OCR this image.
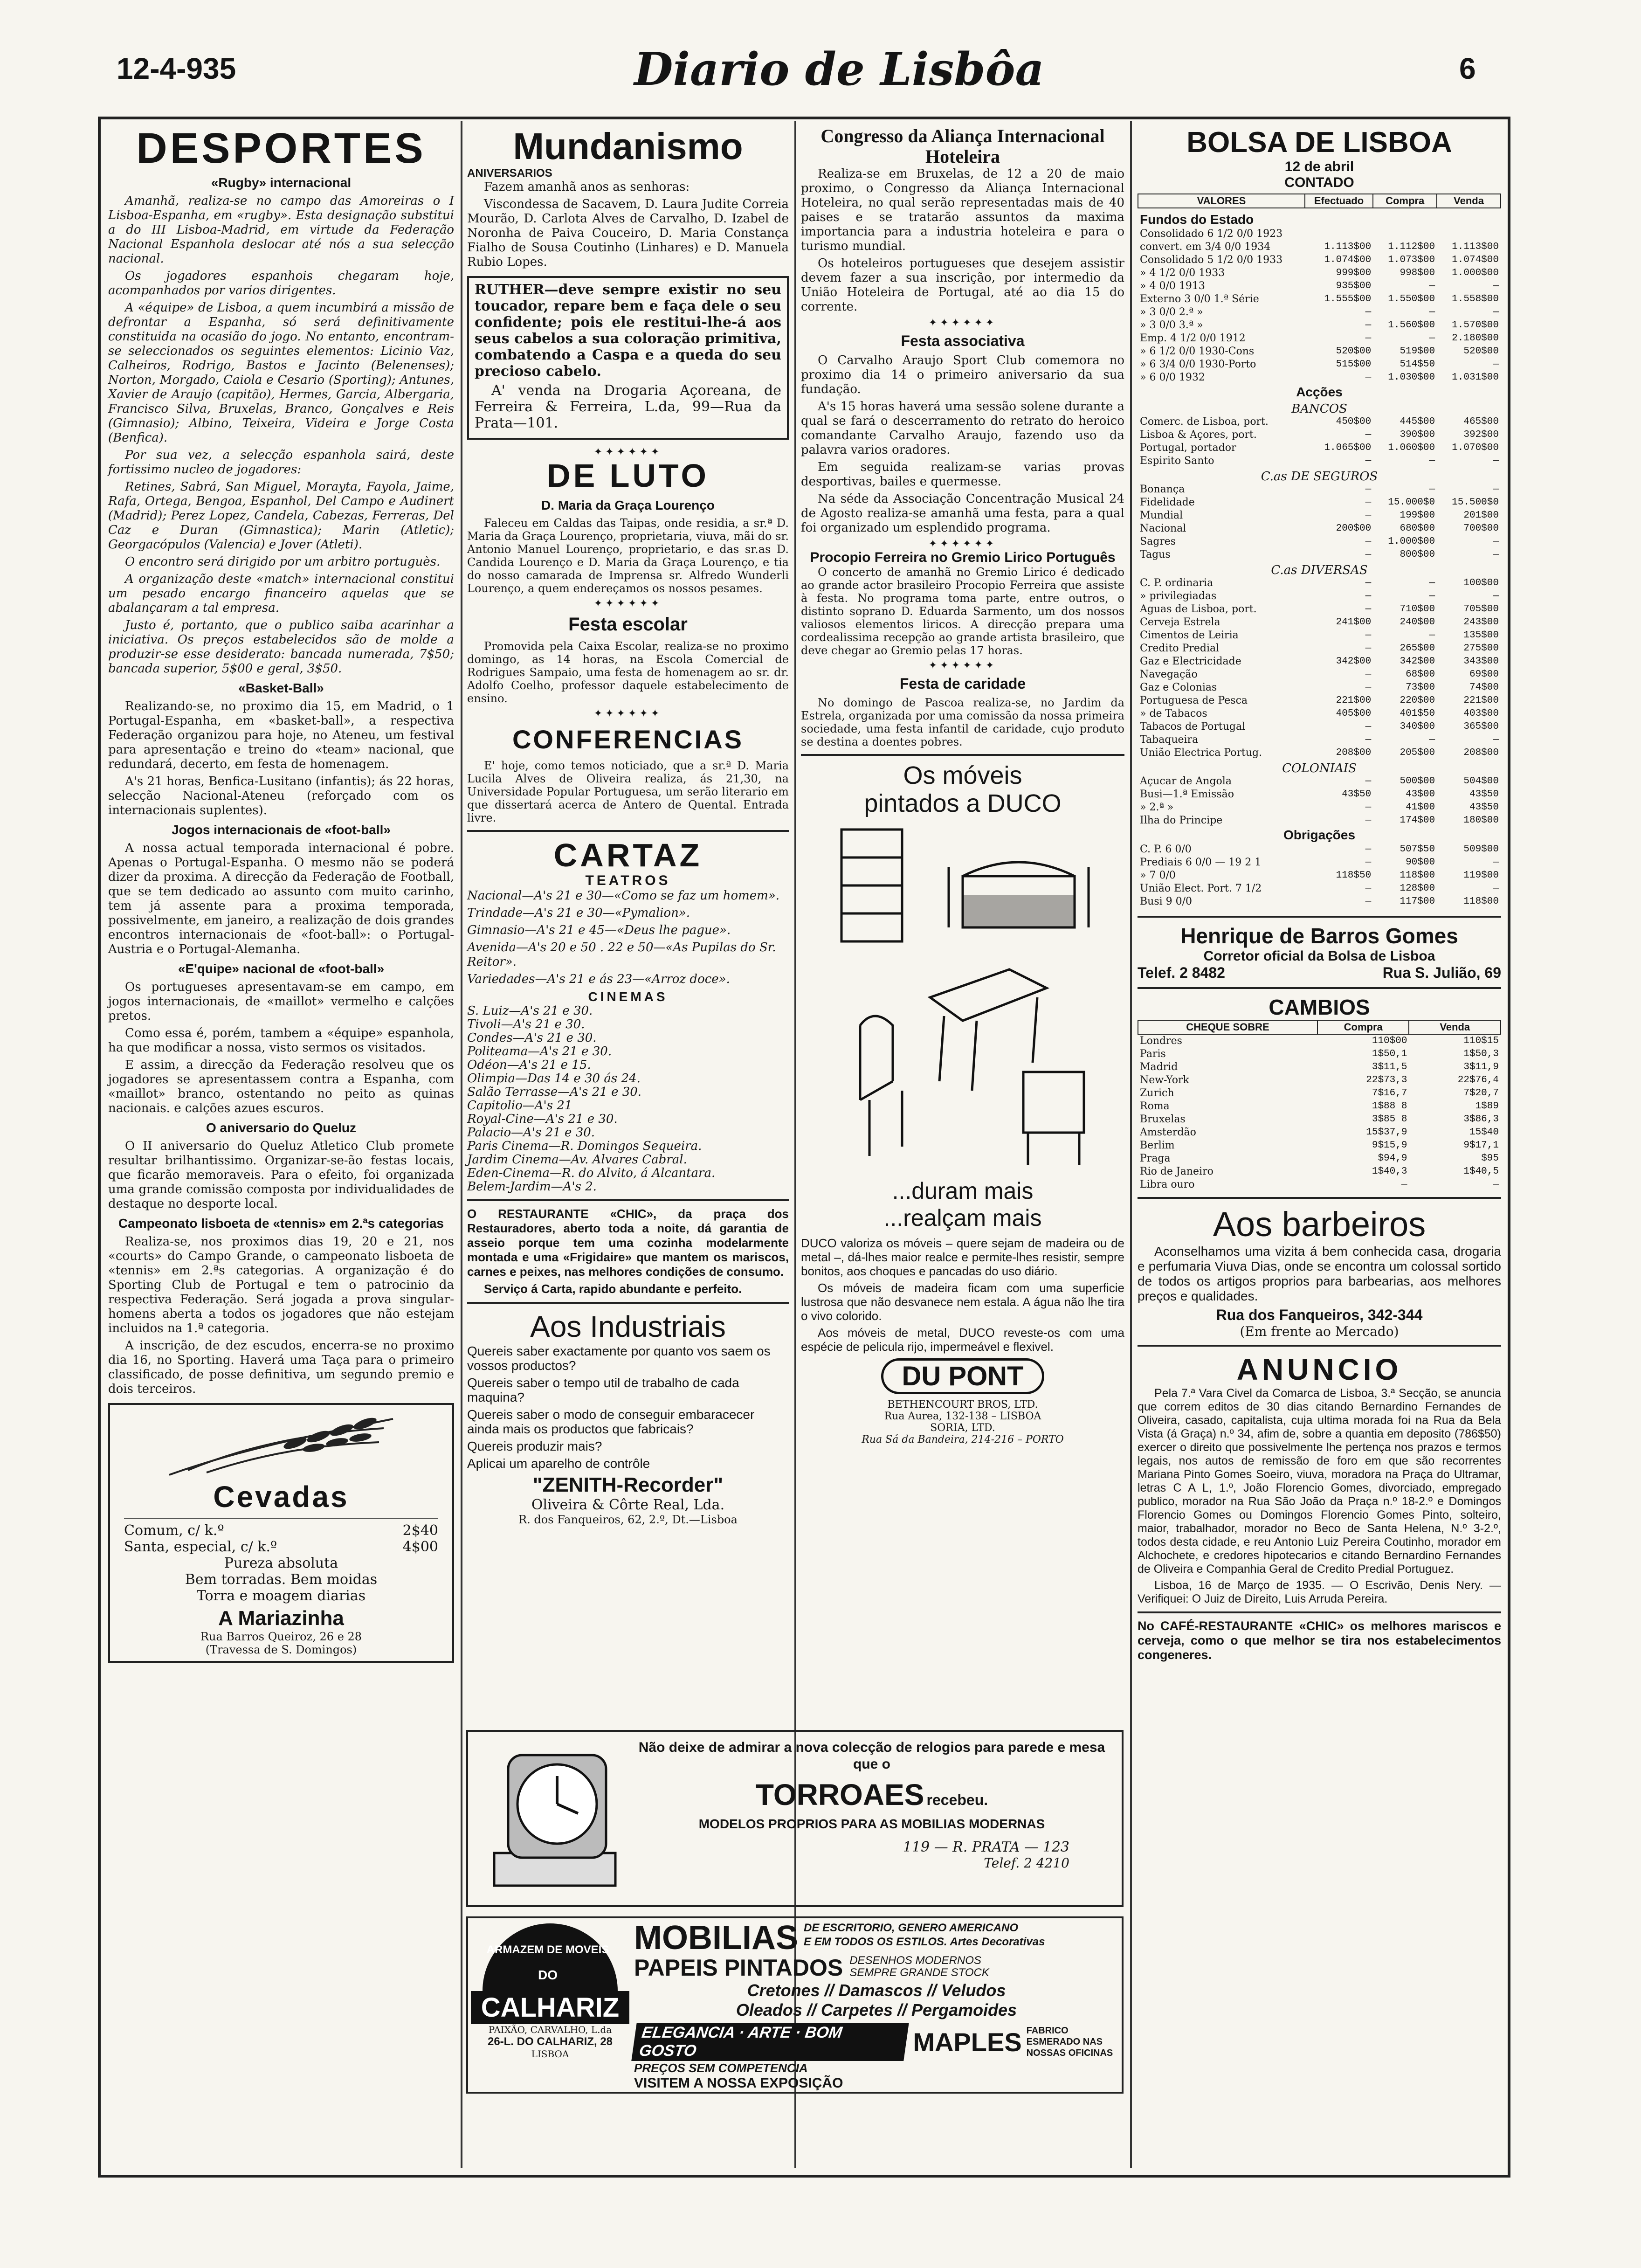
12-4-935	Diario de Lisbôa	6
DESPORTES
«Rugby» internacional

Amanhã, realiza-se no campo das Amoreiras o I Lisboa-Espanha, em «rugby». Esta designação substitui a do III Lisboa-Madrid, em virtude da Federação Nacional Espanhola deslocar até nós a sua selecção nacional.

Os jogadores espanhois chegaram hoje, acompanhados por varios dirigentes.

A «équipe» de Lisboa, a quem incumbirá a missão de defrontar a Espanha, só será definitivamente constituida na ocasião do jogo. No entanto, encontram-se seleccionados os seguintes elementos: Licinio Vaz, Calheiros, Rodrigo, Bastos e Jacinto (Belenenses); Norton, Morgado, Caiola e Cesario (Sporting); Antunes, Xavier de Araujo (capitão), Hermes, Garcia, Albergaria, Francisco Silva, Bruxelas, Branco, Gonçalves e Reis (Gimnasio); Albino, Teixeira, Videira e Jorge Costa (Benfica).

Por sua vez, a selecção espanhola sairá, deste fortissimo nucleo de jogadores:

Retines, Sabrá, San Miguel, Morayta, Fayola, Jaime, Rafa, Ortega, Bengoa, Espanhol, Del Campo e Audinert (Madrid); Perez Lopez, Candela, Cabezas, Ferreras, Del Caz e Duran (Gimnastica); Marin (Atletic); Georgacópulos (Valencia) e Jover (Atleti).

O encontro será dirigido por um arbitro portuguès.

A organização deste «match» internacional constitui um pesado encargo financeiro aquelas que se abalançaram a tal empresa.

Justo é, portanto, que o publico saiba acarinhar a iniciativa. Os preços estabelecidos são de molde a produzir-se esse desiderato: bancada numerada, 7$50; bancada superior, 5$00 e geral, 3$50.

«Basket-Ball»

Realizando-se, no proximo dia 15, em Madrid, o 1 Portugal-Espanha, em «basket-ball», a respectiva Federação organizou para hoje, no Ateneu, um festival para apresentação e treino do «team» nacional, que redundará, decerto, em festa de homenagem.

A's 21 horas, Benfica-Lusitano (infantis); ás 22 horas, selecção Nacional-Ateneu (reforçado com os internacionais suplentes).

Jogos internacionais de «foot-ball»

A nossa actual temporada internacional é pobre. Apenas o Portugal-Espanha. O mesmo não se poderá dizer da proxima. A direcção da Federação de Football, que se tem dedicado ao assunto com muito carinho, tem já assente para a proxima temporada, possivelmente, em janeiro, a realização de dois grandes encontros internacionais de «foot-ball»: o Portugal-Austria e o Portugal-Alemanha.

«E'quipe» nacional de «foot-ball»

Os portugueses apresentavam-se em campo, em jogos internacionais, de «maillot» vermelho e calções pretos.

Como essa é, porém, tambem a «équipe» espanhola, ha que modificar a nossa, visto sermos os visitados.

E assim, a direcção da Federação resolveu que os jogadores se apresentassem contra a Espanha, com «maillot» branco, ostentando no peito as quinas nacionais. e calções azues escuros.

O aniversario do Queluz

O II aniversario do Queluz Atletico Club promete resultar brilhantissimo. Organizar-se-ão festas locais, que ficarão memoraveis. Para o efeito, foi organizada uma grande comissão composta por individualidades de destaque no desporte local.

Campeonato lisboeta de «tennis» em 2.ªs categorias

Realiza-se, nos proximos dias 19, 20 e 21, nos «courts» do Campo Grande, o campeonato lisboeta de «tennis» em 2.ªs categorias. A organização é do Sporting Club de Portugal e tem o patrocinio da respectiva Federação. Será jogada a prova singular-homens aberta a todos os jogadores que não estejam incluidos na 1.ª categoria.

A inscrição, de dez escudos, encerra-se no proximo dia 16, no Sporting. Haverá uma Taça para o primeiro classificado, de posse definitiva, um segundo premio e dois terceiros.

Cevadas
Comum, c/ k.º	2$40
Santa, especial, c/ k.º	4$00
Pureza absoluta
Bem torradas. Bem moidas
Torra e moagem diarias
A Mariazinha
Rua Barros Queiroz, 26 e 28
(Travessa de S. Domingos)
Mundanismo
ANIVERSARIOS

Fazem amanhã anos as senhoras:

Viscondessa de Sacavem, D. Laura Judite Correia Mourão, D. Carlota Alves de Carvalho, D. Izabel de Noronha de Paiva Couceiro, D. Maria Constança Fialho de Sousa Coutinho (Linhares) e D. Manuela Rubio Lopes.

RUTHER—deve sempre existir no seu toucador, repare bem e faça dele o seu confidente; pois ele restitui-lhe-á aos seus cabelos a sua coloração primitiva, combatendo a Caspa e a queda do seu precioso cabelo.

A' venda na Drogaria Açoreana, de Ferreira & Ferreira, L.da, 99—Rua da Prata—101.

✦✦✦✦✦✦
DE LUTO
D. Maria da Graça Lourenço

Faleceu em Caldas das Taipas, onde residia, a sr.ª D. Maria da Graça Lourenço, proprietaria, viuva, mãi do sr. Antonio Manuel Lourenço, proprietario, e das sr.as D. Candida Lourenço e D. Maria da Graça Lourenço, e tia do nosso camarada de Imprensa sr. Alfredo Wunderli Lourenço, a quem endereçamos os nossos pesames.

✦✦✦✦✦✦
Festa escolar

Promovida pela Caixa Escolar, realiza-se no proximo domingo, as 14 horas, na Escola Comercial de Rodrigues Sampaio, uma festa de homenagem ao sr. dr. Adolfo Coelho, professor daquele estabelecimento de ensino.

✦✦✦✦✦✦
CONFERENCIAS

E' hoje, como temos noticiado, que a sr.ª D. Maria Lucila Alves de Oliveira realiza, ás 21,30, na Universidade Popular Portuguesa, um serão literario em que dissertará acerca de Antero de Quental. Entrada livre.

CARTAZ
TEATROS

Nacional—A's 21 e 30—«Como se faz um homem».

Trindade—A's 21 e 30—«Pymalion».

Gimnasio—A's 21 e 45—«Deus lhe pague».

Avenida—A's 20 e 50 . 22 e 50—«As Pupilas do Sr. Reitor».

Variedades—A's 21 e ás 23—«Arroz doce».

CINEMAS

S. Luiz—A's 21 e 30.

Tivoli—A's 21 e 30.

Condes—A's 21 e 30.

Politeama—A's 21 e 30.

Odéon—A's 21 e 15.

Olimpia—Das 14 e 30 ás 24.

Salão Terrasse—A's 21 e 30.

Capitolio—A's 21

Royal-Cine—A's 21 e 30.

Palacio—A's 21 e 30.

Paris Cinema—R. Domingos Sequeira.

Jardim Cinema—Av. Alvares Cabral.

Eden-Cinema—R. do Alvito, á Alcantara.

Belem-Jardim—A's 2.

O RESTAURANTE «CHIC», da praça dos Restauradores, aberto toda a noite, dá garantia de asseio porque tem uma cozinha modelarmente montada e uma «Frigidaire» que mantem os mariscos, carnes e peixes, nas melhores condições de consumo.

Serviço á Carta, rapido abundante e perfeito.

Aos Industriais

Quereis saber exactamente por quanto vos saem os vossos productos?

Quereis saber o tempo util de trabalho de cada maquina?

Quereis saber o modo de conseguir embaracecer ainda mais os productos que fabricais?

Quereis produzir mais?

Aplicai um aparelho de contrôle

"ZENITH-Recorder"
Oliveira & Côrte Real, Lda.
R. dos Fanqueiros, 62, 2.º, Dt.—Lisboa
Congresso da Aliança Internacional Hoteleira

Realiza-se em Bruxelas, de 12 a 20 de maio proximo, o Congresso da Aliança Internacional Hoteleira, no qual serão representadas mais de 40 paises e se tratarão assuntos da maxima importancia para a industria hoteleira e para o turismo mundial.

Os hoteleiros portugueses que desejem assistir devem fazer a sua inscrição, por intermedio da União Hoteleira de Portugal, até ao dia 15 do corrente.

✦✦✦✦✦✦
Festa associativa

O Carvalho Araujo Sport Club comemora no proximo dia 14 o primeiro aniversario da sua fundação.

A's 15 horas haverá uma sessão solene durante a qual se fará o descerramento do retrato do heroico comandante Carvalho Araujo, fazendo uso da palavra varios oradores.

Em seguida realizam-se varias provas desportivas, bailes e quermesse.

Na séde da Associação Concentração Musical 24 de Agosto realiza-se amanhã uma festa, para a qual foi organizado um esplendido programa.

✦✦✦✦✦✦
Procopio Ferreira no Gremio Lirico Português

O concerto de amanhã no Gremio Lirico é dedicado ao grande actor brasileiro Procopio Ferreira que assiste à festa. No programa toma parte, entre outros, o distinto soprano D. Eduarda Sarmento, um dos nossos valiosos elementos liricos. A direcção prepara uma cordealissima recepção ao grande artista brasileiro, que deve chegar ao Gremio pelas 17 horas.

✦✦✦✦✦✦
Festa de caridade

No domingo de Pascoa realiza-se, no Jardim da Estrela, organizada por uma comissão da nossa primeira sociedade, uma festa infantil de caridade, cujo produto se destina a doentes pobres.

Os móveis
pintados a DUCO
...duram mais
...realçam mais

DUCO valoriza os móveis – quere sejam de madeira ou de metal –, dá-lhes maior realce e permite-lhes resistir, sempre bonitos, aos choques e pancadas do uso diário.

Os móveis de madeira ficam com uma superficie lustrosa que não desvanece nem estala. A água não lhe tira o vivo colorido.

Aos móveis de metal, DUCO reveste-os com uma espécie de pelicula rijo, impermeável e flexivel.

DU PONT
BETHENCOURT BROS, LTD.
Rua Aurea, 132-138 – LISBOA
SORIA, LTD.
Rua Sá da Bandeira, 214-216 – PORTO
Não deixe de admirar a nova colecção de relogios para parede e mesa que o
TORROAES recebeu.
MODELOS PROPRIOS PARA AS MOBILIAS MODERNAS
119 — R. PRATA — 123
Telef. 2 4210
ARMAZEM DE MOVEIS
DO
CALHARIZ
PAIXÃO, CARVALHO, L.da
26-L. DO CALHARIZ, 28
LISBOA
MOBILIAS DE ESCRITORIO, GENERO AMERICANO
E EM TODOS OS ESTILOS. Artes Decorativas
PAPEIS PINTADOS DESENHOS MODERNOS
SEMPRE GRANDE STOCK
Cretones // Damascos // Veludos
Oleados // Carpetes // Pergamoides
ELEGANCIA · ARTE · BOM GOSTO	MAPLES FABRICO ESMERADO NAS NOSSAS OFICINAS
PREÇOS SEM COMPETENCIA
VISITEM A NOSSA EXPOSIÇÃO
BOLSA DE LISBOA
12 de abril
CONTADO
VALORES	Efectuado	Compra	Venda
Fundos do Estado			
Consolidado 6 1/2 0/0 1923			
convert. em 3/4 0/0 1934	1.113$00	1.112$00	1.113$00
Consolidado 5 1/2 0/0 1933	1.074$00	1.073$00	1.074$00
» 4 1/2 0/0 1933	999$00	998$00	1.000$00
» 4 0/0 1913	935$00	—	—
Externo 3 0/0 1.ª Série	1.555$00	1.550$00	1.558$00
» 3 0/0 2.ª »	—	—	—
» 3 0/0 3.ª »	—	1.560$00	1.570$00
Emp. 4 1/2 0/0 1912	—	—	2.180$00
» 6 1/2 0/0 1930-Cons	520$00	519$00	520$00
» 6 3/4 0/0 1930-Porto	515$00	514$50	—
» 6 0/0 1932	—	1.030$00	1.031$00
Acções			
BANCOS			
Comerc. de Lisboa, port.	450$00	445$00	465$00
Lisboa & Açores, port.	—	390$00	392$00
Portugal, portador	1.065$00	1.060$00	1.070$00
Espirito Santo	—	—	—
C.as DE SEGUROS			
Bonança	—	—	—
Fidelidade	—	15.000$0	15.500$0
Mundial	—	199$00	201$00
Nacional	200$00	680$00	700$00
Sagres	—	1.000$00	—
Tagus	—	800$00	—
C.as DIVERSAS			
C. P. ordinaria	—	—	100$00
» privilegiadas	—	—	—
Aguas de Lisboa, port.	—	710$00	705$00
Cerveja Estrela	241$00	240$00	243$00
Cimentos de Leiria	—	—	135$00
Credito Predial	—	265$00	275$00
Gaz e Electricidade	342$00	342$00	343$00
Navegação	—	68$00	69$00
Gaz e Colonias	—	73$00	74$00
Portuguesa de Pesca	221$00	220$00	221$00
» de Tabacos	405$00	401$50	403$00
Tabacos de Portugal	—	340$00	365$00
Tabaqueira	—	—	—
União Electrica Portug.	208$00	205$00	208$00
COLONIAIS			
Açucar de Angola	—	500$00	504$00
Busi—1.ª Emissão	43$50	43$00	43$50
» 2.ª »	—	41$00	43$50
Ilha do Principe	—	174$00	180$00
Obrigações			
C. P. 6 0/0	—	507$50	509$00
Prediais 6 0/0 — 19 2 1	—	90$00	—
» 7 0/0	118$50	118$00	119$00
União Elect. Port. 7 1/2	—	128$00	—
Busi 9 0/0	—	117$00	118$00
Henrique de Barros Gomes
Corretor oficial da Bolsa de Lisboa
Telef. 2 8482	Rua S. Julião, 69
CAMBIOS
CHEQUE SOBRE	Compra	Venda
Londres	110$00	110$15
Paris	1$50,1	1$50,3
Madrid	3$11,5	3$11,9
New-York	22$73,3	22$76,4
Zurich	7$16,7	7$20,7
Roma	1$88 8	1$89
Bruxelas	3$85 8	3$86,3
Amsterdão	15$37,9	15$40
Berlim	9$15,9	9$17,1
Praga	$94,9	$95
Rio de Janeiro	1$40,3	1$40,5
Libra ouro	—	—
Aos barbeiros

Aconselhamos uma vizita á bem conhecida casa, drogaria e perfumaria Viuva Dias, onde se encontra um colossal sortido de todos os artigos proprios para barbearias, aos melhores preços e qualidades.

Rua dos Fanqueiros, 342-344
(Em frente ao Mercado)
ANUNCIO

Pela 7.ª Vara Civel da Comarca de Lisboa, 3.ª Secção, se anuncia que correm editos de 30 dias citando Bernardino Fernandes de Oliveira, casado, capitalista, cuja ultima morada foi na Rua da Bela Vista (á Graça) n.º 34, afim de, sobre a quantia em deposito (786$50) exercer o direito que possivelmente lhe pertença nos prazos e termos legais, nos autos de remissão de foro em que são recorrentes Mariana Pinto Gomes Soeiro, viuva, moradora na Praça do Ultramar, letras C A L, 1.º, João Florencio Gomes, divorciado, empregado publico, morador na Rua São João da Praça n.º 18-2.º e Domingos Florencio Gomes ou Domingos Florencio Gomes Pinto, solteiro, maior, trabalhador, morador no Beco de Santa Helena, N.º 3-2.º, todos desta cidade, e reu Antonio Luiz Pereira Coutinho, morador em Alchochete, e credores hipotecarios e citando Bernardino Fernandes de Oliveira e Companhia Geral de Credito Predial Portuguez.

Lisboa, 16 de Março de 1935. — O Escrivão, Denis Nery. — Verifiquei: O Juiz de Direito, Luis Arruda Pereira.

No CAFÉ-RESTAURANTE «CHIC» os melhores mariscos e cerveja, como o que melhor se tira nos estabelecimentos congeneres.
